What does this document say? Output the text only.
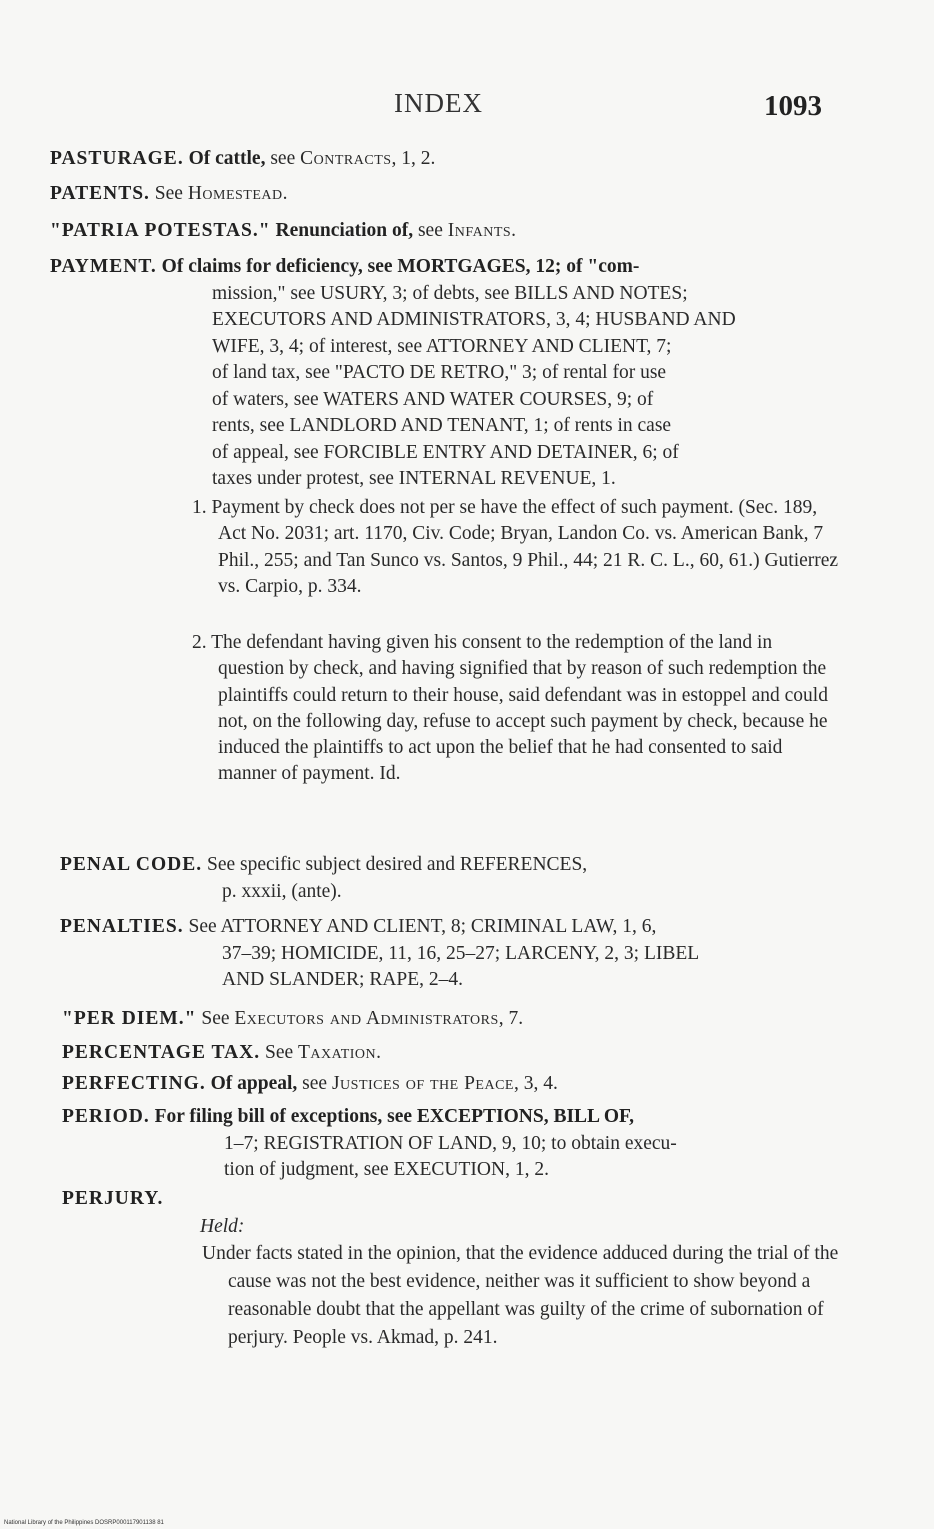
INDEX	1093
PASTURAGE. Of cattle, see Contracts, 1, 2.
PATENTS. See Homestead.
"PATRIA POTESTAS." Renunciation of, see Infants.
PAYMENT. Of claims for deficiency, see MORTGAGES, 12; of "com-
mission," see USURY, 3; of debts, see BILLS AND NOTES;
EXECUTORS AND ADMINISTRATORS, 3, 4; HUSBAND AND
WIFE, 3, 4; of interest, see ATTORNEY AND CLIENT, 7;
of land tax, see "PACTO DE RETRO," 3; of rental for use
of waters, see WATERS AND WATER COURSES, 9; of
rents, see LANDLORD AND TENANT, 1; of rents in case
of appeal, see FORCIBLE ENTRY AND DETAINER, 6; of
taxes under protest, see INTERNAL REVENUE, 1.
1. Payment by check does not per se have the effect of such payment. (Sec. 189, Act No. 2031; art. 1170, Civ. Code; Bryan, Landon Co. vs. American Bank, 7 Phil., 255; and Tan Sunco vs. Santos, 9 Phil., 44; 21 R. C. L., 60, 61.) Gutierrez vs. Carpio, p. 334.
2. The defendant having given his consent to the redemption of the land in question by check, and having signified that by reason of such redemption the plaintiffs could return to their house, said defendant was in estoppel and could not, on the following day, refuse to accept such payment by check, because he induced the plaintiffs to act upon the belief that he had consented to said manner of payment. Id.
PENAL CODE. See specific subject desired and REFERENCES,
p. xxxii, (ante).
PENALTIES. See ATTORNEY AND CLIENT, 8; CRIMINAL LAW, 1, 6,
37–39; HOMICIDE, 11, 16, 25–27; LARCENY, 2, 3; LIBEL
AND SLANDER; RAPE, 2–4.
"PER DIEM." See Executors and Administrators, 7.
PERCENTAGE TAX. See Taxation.
PERFECTING. Of appeal, see Justices of the Peace, 3, 4.
PERIOD. For filing bill of exceptions, see EXCEPTIONS, BILL OF,
1–7; REGISTRATION OF LAND, 9, 10; to obtain execu-
tion of judgment, see EXECUTION, 1, 2.
PERJURY.
Held:
Under facts stated in the opinion, that the evidence adduced during the trial of the cause was not the best evidence, neither was it sufficient to show beyond a reasonable doubt that the appellant was guilty of the crime of subornation of perjury. People vs. Akmad, p. 241.
National Library of the Philippines DOSRP000117901138 81
